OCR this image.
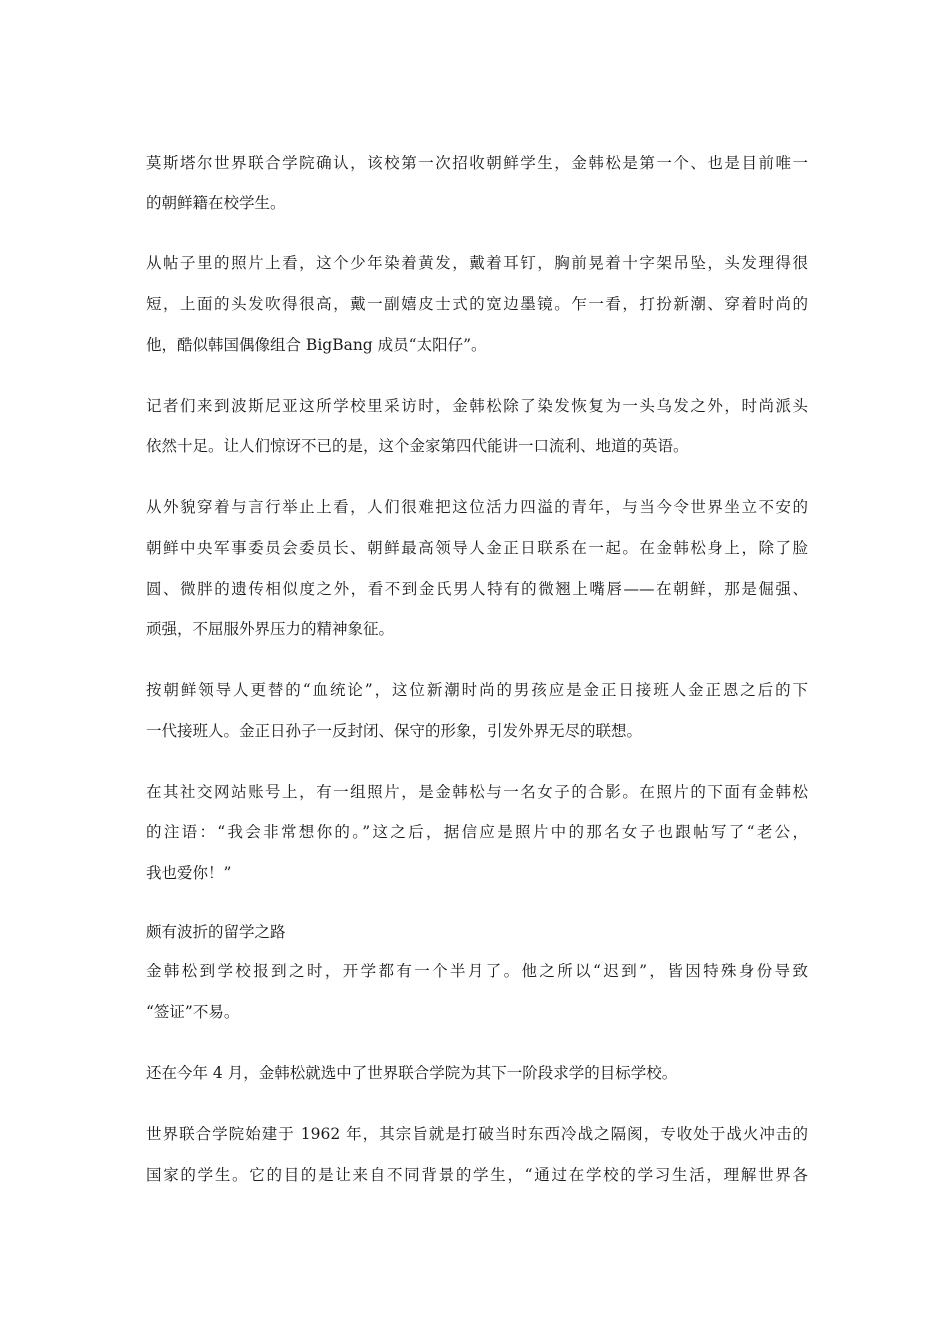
莫斯塔尔世界联合学院确认，该校第一次招收朝鲜学生，金韩松是第一个、也是目前唯一
的朝鲜籍在校学生。
从帖子里的照片上看，这个少年染着黄发，戴着耳钉，胸前晃着十字架吊坠，头发理得很
短，上面的头发吹得很高，戴一副嬉皮士式的宽边墨镜。乍一看，打扮新潮、穿着时尚的
他，酷似韩国偶像组合 BigBang 成员“太阳仔”。
记者们来到波斯尼亚这所学校里采访时，金韩松除了染发恢复为一头乌发之外，时尚派头
依然十足。让人们惊讶不已的是，这个金家第四代能讲一口流利、地道的英语。
从外貌穿着与言行举止上看，人们很难把这位活力四溢的青年，与当今令世界坐立不安的
朝鲜中央军事委员会委员长、朝鲜最高领导人金正日联系在一起。在金韩松身上，除了脸
圆、微胖的遗传相似度之外，看不到金氏男人特有的微翘上嘴唇——在朝鲜，那是倔强、
顽强，不屈服外界压力的精神象征。
按朝鲜领导人更替的“血统论”，这位新潮时尚的男孩应是金正日接班人金正恩之后的下
一代接班人。金正日孙子一反封闭、保守的形象，引发外界无尽的联想。
在其社交网站账号上，有一组照片，是金韩松与一名女子的合影。在照片的下面有金韩松
的注语：“我会非常想你的。”这之后，据信应是照片中的那名女子也跟帖写了“老公，
我也爱你！”
颇有波折的留学之路
金韩松到学校报到之时，开学都有一个半月了。他之所以“迟到”，皆因特殊身份导致
“签证”不易。
还在今年 4 月，金韩松就选中了世界联合学院为其下一阶段求学的目标学校。
世界联合学院始建于 1962 年，其宗旨就是打破当时东西冷战之隔阂，专收处于战火冲击的
国家的学生。它的目的是让来自不同背景的学生，“通过在学校的学习生活，理解世界各
